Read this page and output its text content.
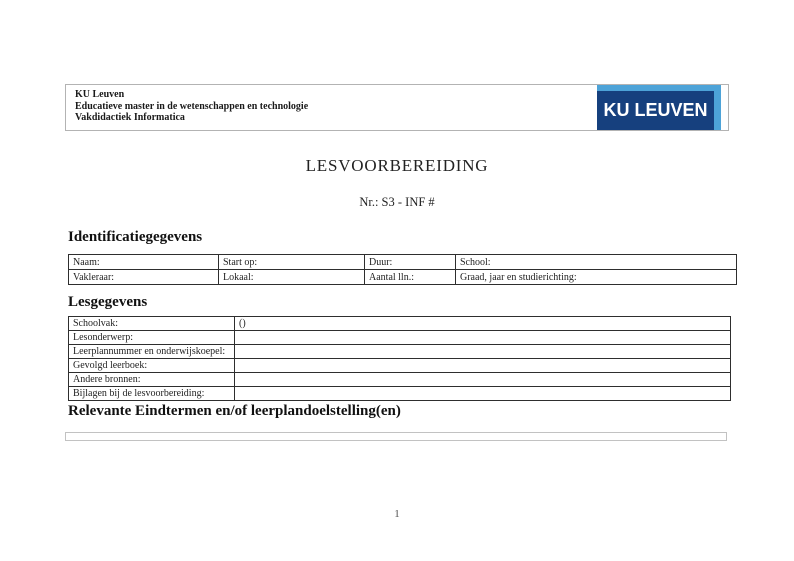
KU Leuven
Educatieve master in de wetenschappen en technologie
Vakdidactiek Informatica	KU LEUVEN
LESVOORBEREIDING
Nr.: S3 - INF #
Identificatiegegevens
Naam:	Start op:	Duur:	School:
Vakleraar:	Lokaal:	Aantal lln.:	Graad, jaar en studierichting:
Lesgegevens
Schoolvak:	()
Lesonderwerp:	
Leerplannummer en onderwijskoepel:	
Gevolgd leerboek:	
Andere bronnen:	
Bijlagen bij de lesvoorbereiding:	
Relevante Eindtermen en/of leerplandoelstelling(en)
1
